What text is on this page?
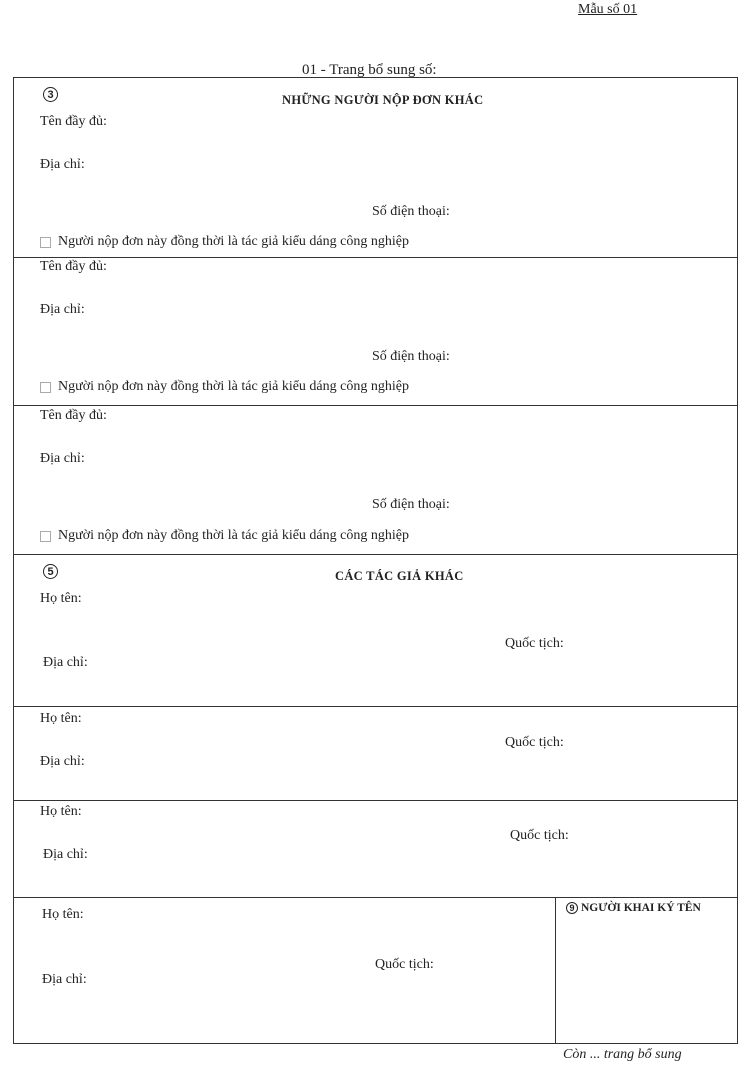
Mẫu số 01
01 - Trang bổ sung số:
3	NHỮNG NGƯỜI NỘP ĐƠN KHÁC
Tên đầy đủ:
Địa chỉ:
Số điện thoại:
Người nộp đơn này đồng thời là tác giả kiểu dáng công nghiệp
Tên đầy đủ:
Địa chỉ:
Số điện thoại:
Người nộp đơn này đồng thời là tác giả kiểu dáng công nghiệp
Tên đầy đủ:
Địa chỉ:
Số điện thoại:
Người nộp đơn này đồng thời là tác giả kiểu dáng công nghiệp
5	CÁC TÁC GIẢ KHÁC
Họ tên:
Quốc tịch:
Địa chỉ:
Họ tên:
Quốc tịch:
Địa chỉ:
Họ tên:
Quốc tịch:
Địa chỉ:
Họ tên:
Quốc tịch:
Địa chỉ:
9 NGƯỜI KHAI KÝ TÊN
Còn ... trang bổ sung
